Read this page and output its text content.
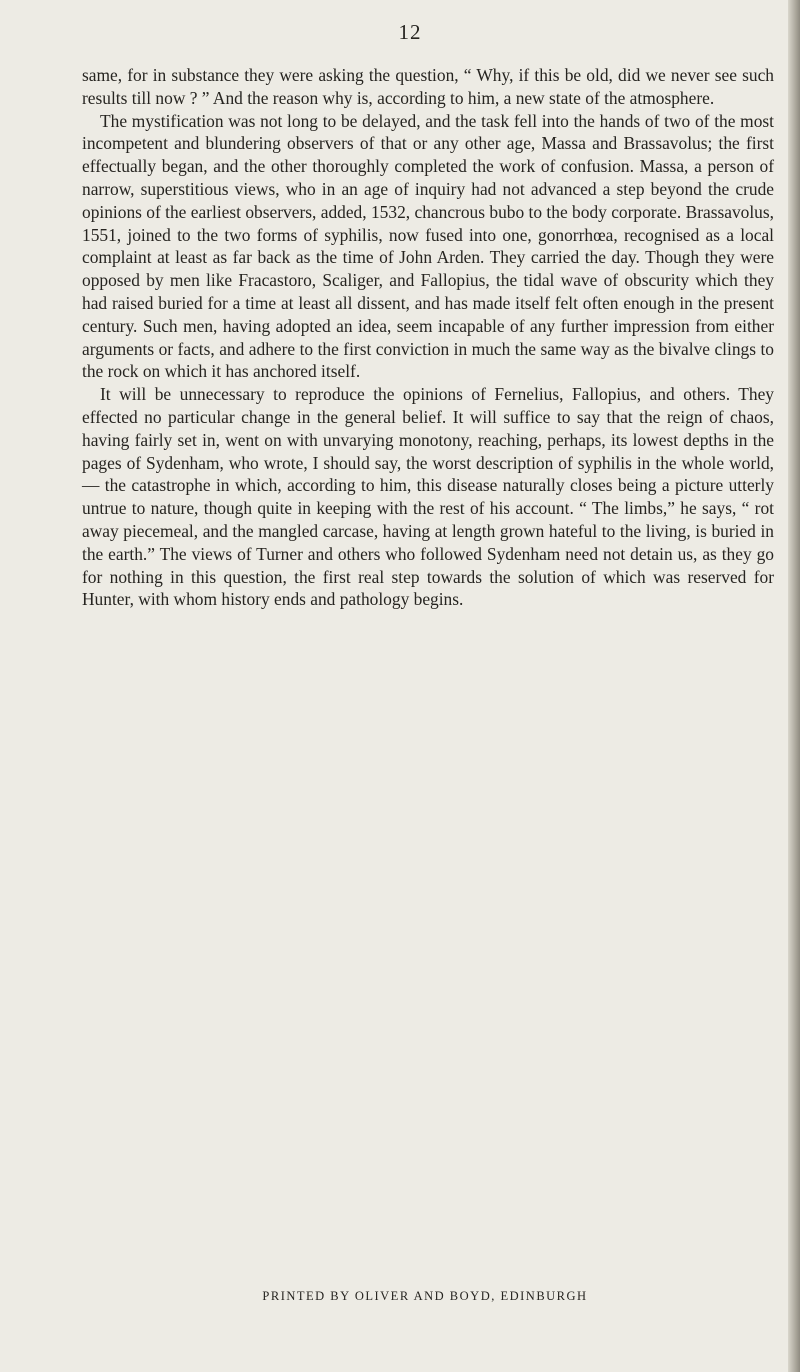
12

same, for in substance they were asking the question, “ Why, if this be old, did we never see such results till now ? ” And the reason why is, according to him, a new state of the atmosphere.

The mystification was not long to be delayed, and the task fell into the hands of two of the most incompetent and blundering observers of that or any other age, Massa and Brassavolus; the first effectually began, and the other thoroughly completed the work of confusion. Massa, a person of narrow, superstitious views, who in an age of inquiry had not advanced a step beyond the crude opinions of the earliest observers, added, 1532, chancrous bubo to the body corporate. Brassavolus, 1551, joined to the two forms of syphilis, now fused into one, gonorrhœa, recognised as a local complaint at least as far back as the time of John Arden. They carried the day. Though they were opposed by men like Fracastoro, Scaliger, and Fallopius, the tidal wave of obscurity which they had raised buried for a time at least all dissent, and has made itself felt often enough in the present century. Such men, having adopted an idea, seem incapable of any further impression from either arguments or facts, and adhere to the first conviction in much the same way as the bivalve clings to the rock on which it has anchored itself.

It will be unnecessary to reproduce the opinions of Fernelius, Fallopius, and others. They effected no particular change in the general belief. It will suffice to say that the reign of chaos, having fairly set in, went on with unvarying monotony, reaching, perhaps, its lowest depths in the pages of Sydenham, who wrote, I should say, the worst description of syphilis in the whole world,— the catastrophe in which, according to him, this disease naturally closes being a picture utterly untrue to nature, though quite in keeping with the rest of his account. “ The limbs,” he says, “ rot away piecemeal, and the mangled carcase, having at length grown hateful to the living, is buried in the earth.” The views of Turner and others who followed Sydenham need not detain us, as they go for nothing in this question, the first real step towards the solution of which was reserved for Hunter, with whom history ends and pathology begins.

PRINTED BY OLIVER AND BOYD, EDINBURGH
